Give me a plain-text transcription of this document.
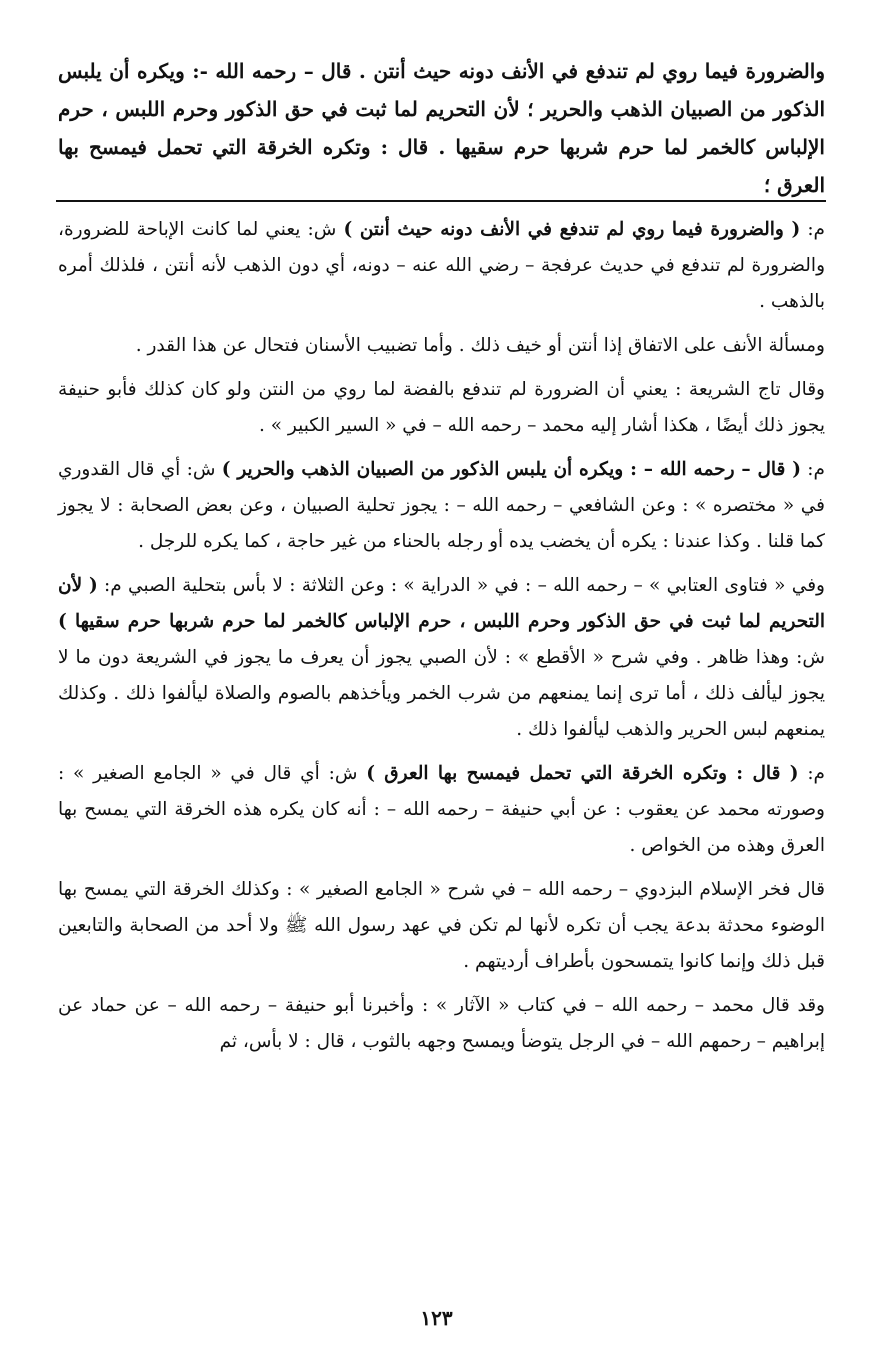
والضرورة فيما روي لم تندفع في الأنف دونه حيث أنتن . قال – رحمه الله -: ويكره أن يلبس الذكور من الصبيان الذهب والحرير ؛ لأن التحريم لما ثبت في حق الذكور وحرم اللبس ، حرم الإلباس كالخمر لما حرم شربها حرم سقيها . قال : وتكره الخرقة التي تحمل فيمسح بها العرق ؛

م: ( والضرورة فيما روي لم تندفع في الأنف دونه حيث أنتن ) ش: يعني لما كانت الإباحة للضرورة، والضرورة لم تندفع في حديث عرفجة – رضي الله عنه – دونه، أي دون الذهب لأنه أنتن ، فلذلك أمره بالذهب .

ومسألة الأنف على الاتفاق إذا أنتن أو خيف ذلك . وأما تضبيب الأسنان فتحال عن هذا القدر .

وقال تاج الشريعة : يعني أن الضرورة لم تندفع بالفضة لما روي من النتن ولو كان كذلك فأبو حنيفة يجوز ذلك أيضًا ، هكذا أشار إليه محمد – رحمه الله – في « السير الكبير » .

م: ( قال – رحمه الله – : ويكره أن يلبس الذكور من الصبيان الذهب والحرير ) ش: أي قال القدوري في « مختصره » : وعن الشافعي – رحمه الله – : يجوز تحلية الصبيان ، وعن بعض الصحابة : لا يجوز كما قلنا . وكذا عندنا : يكره أن يخضب يده أو رجله بالحناء من غير حاجة ، كما يكره للرجل .

وفي « فتاوى العتابي » – رحمه الله – : في « الدراية » : وعن الثلاثة : لا بأس بتحلية الصبي م: ( لأن التحريم لما ثبت في حق الذكور وحرم اللبس ، حرم الإلباس كالخمر لما حرم شربها حرم سقيها ) ش: وهذا ظاهر . وفي شرح « الأقطع » : لأن الصبي يجوز أن يعرف ما يجوز في الشريعة دون ما لا يجوز ليألف ذلك ، أما ترى إنما يمنعهم من شرب الخمر ويأخذهم بالصوم والصلاة ليألفوا ذلك . وكذلك يمنعهم لبس الحرير والذهب ليألفوا ذلك .

م: ( قال : وتكره الخرقة التي تحمل فيمسح بها العرق ) ش: أي قال في « الجامع الصغير » : وصورته محمد عن يعقوب : عن أبي حنيفة – رحمه الله – : أنه كان يكره هذه الخرقة التي يمسح بها العرق وهذه من الخواص .

قال فخر الإسلام البزدوي – رحمه الله – في شرح « الجامع الصغير » : وكذلك الخرقة التي يمسح بها الوضوء محدثة بدعة يجب أن تكره لأنها لم تكن في عهد رسول الله ﷺ ولا أحد من الصحابة والتابعين قبل ذلك وإنما كانوا يتمسحون بأطراف أرديتهم .

وقد قال محمد – رحمه الله – في كتاب « الآثار » : وأخبرنا أبو حنيفة – رحمه الله – عن حماد عن إبراهيم – رحمهم الله – في الرجل يتوضأ ويمسح وجهه بالثوب ، قال : لا بأس، ثم

١٢٣
